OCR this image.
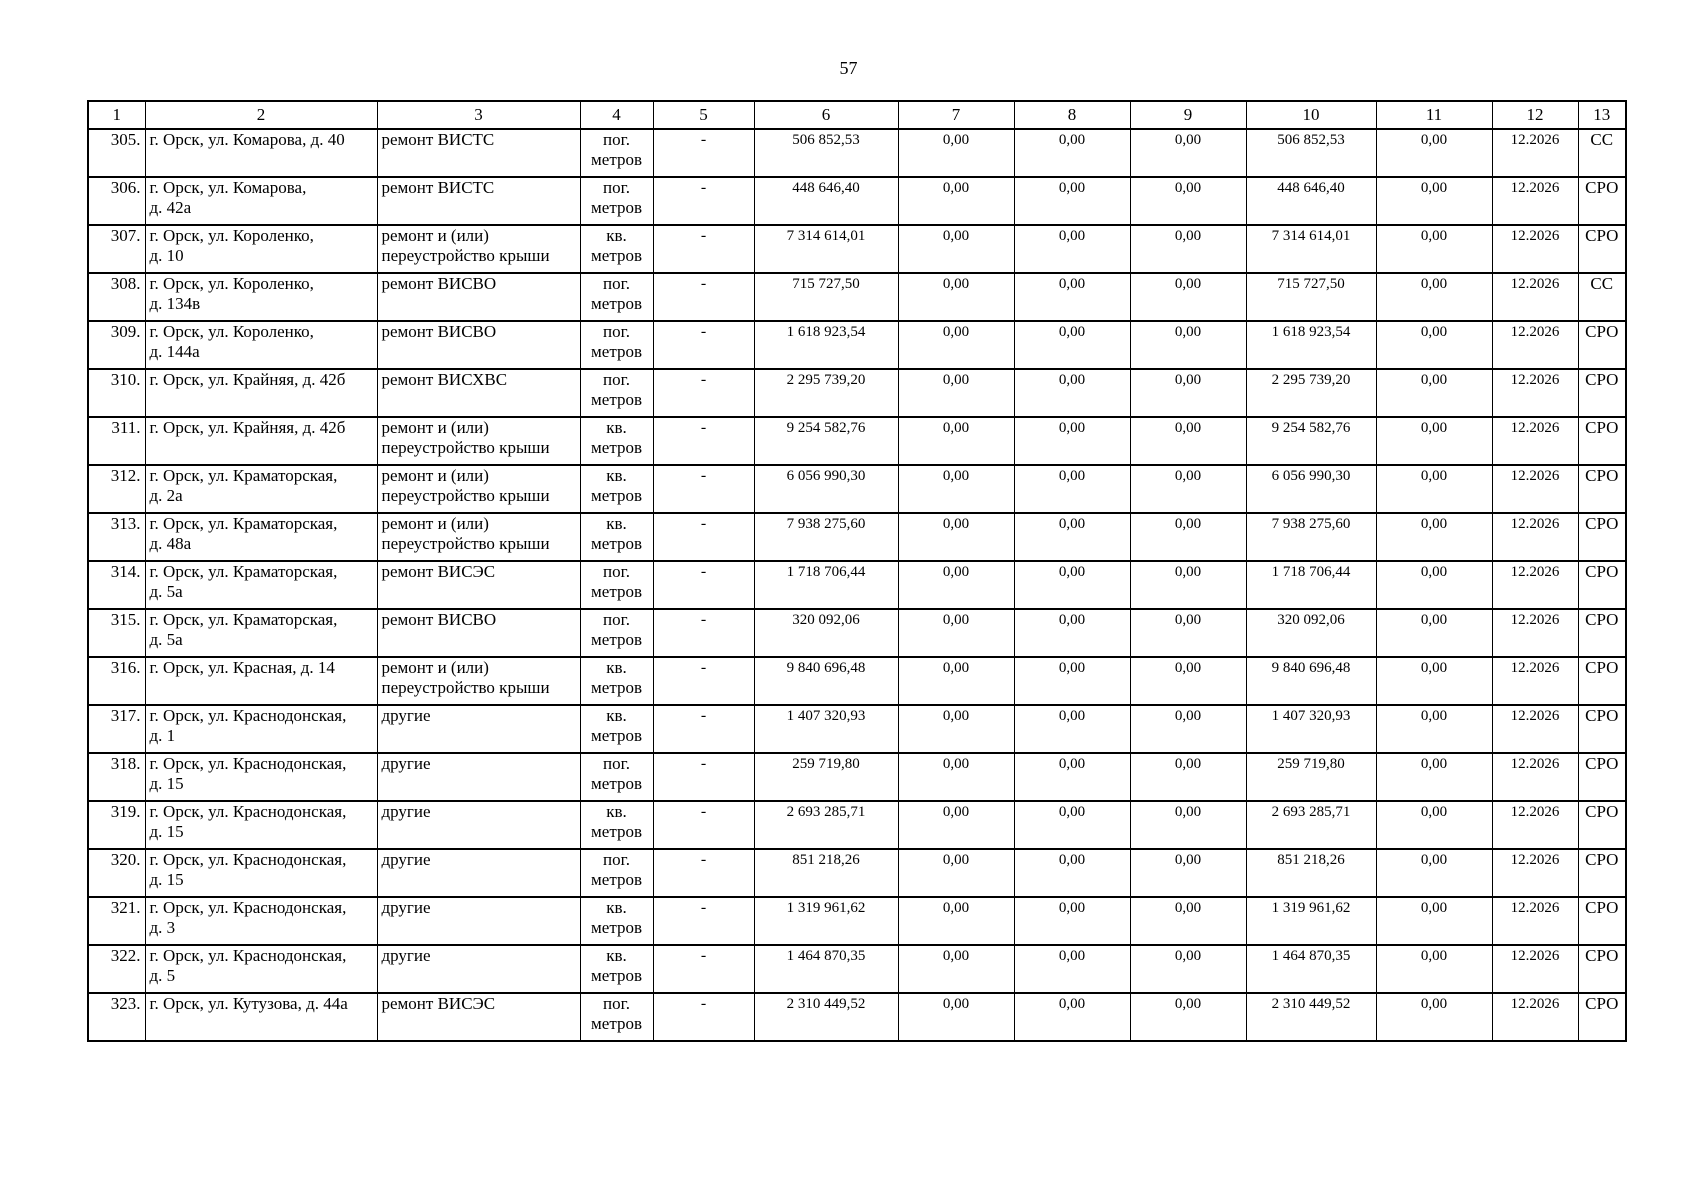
57
1	2	3	4	5	6	7	8	9	10	11	12	13
305.	г. Орск, ул. Комарова, д. 40	ремонт ВИСТС	пог.
метров	-	506 852,53	0,00	0,00	0,00	506 852,53	0,00	12.2026	СС
306.	г. Орск, ул. Комарова,
д. 42а	ремонт ВИСТС	пог.
метров	-	448 646,40	0,00	0,00	0,00	448 646,40	0,00	12.2026	СРО
307.	г. Орск, ул. Короленко,
д. 10	ремонт и (или)
переустройство крыши	кв.
метров	-	7 314 614,01	0,00	0,00	0,00	7 314 614,01	0,00	12.2026	СРО
308.	г. Орск, ул. Короленко,
д. 134в	ремонт ВИСВО	пог.
метров	-	715 727,50	0,00	0,00	0,00	715 727,50	0,00	12.2026	СС
309.	г. Орск, ул. Короленко,
д. 144а	ремонт ВИСВО	пог.
метров	-	1 618 923,54	0,00	0,00	0,00	1 618 923,54	0,00	12.2026	СРО
310.	г. Орск, ул. Крайняя, д. 42б	ремонт ВИСХВС	пог.
метров	-	2 295 739,20	0,00	0,00	0,00	2 295 739,20	0,00	12.2026	СРО
311.	г. Орск, ул. Крайняя, д. 42б	ремонт и (или)
переустройство крыши	кв.
метров	-	9 254 582,76	0,00	0,00	0,00	9 254 582,76	0,00	12.2026	СРО
312.	г. Орск, ул. Краматорская,
д. 2а	ремонт и (или)
переустройство крыши	кв.
метров	-	6 056 990,30	0,00	0,00	0,00	6 056 990,30	0,00	12.2026	СРО
313.	г. Орск, ул. Краматорская,
д. 48а	ремонт и (или)
переустройство крыши	кв.
метров	-	7 938 275,60	0,00	0,00	0,00	7 938 275,60	0,00	12.2026	СРО
314.	г. Орск, ул. Краматорская,
д. 5а	ремонт ВИСЭС	пог.
метров	-	1 718 706,44	0,00	0,00	0,00	1 718 706,44	0,00	12.2026	СРО
315.	г. Орск, ул. Краматорская,
д. 5а	ремонт ВИСВО	пог.
метров	-	320 092,06	0,00	0,00	0,00	320 092,06	0,00	12.2026	СРО
316.	г. Орск, ул. Красная, д. 14	ремонт и (или)
переустройство крыши	кв.
метров	-	9 840 696,48	0,00	0,00	0,00	9 840 696,48	0,00	12.2026	СРО
317.	г. Орск, ул. Краснодонская,
д. 1	другие	кв.
метров	-	1 407 320,93	0,00	0,00	0,00	1 407 320,93	0,00	12.2026	СРО
318.	г. Орск, ул. Краснодонская,
д. 15	другие	пог.
метров	-	259 719,80	0,00	0,00	0,00	259 719,80	0,00	12.2026	СРО
319.	г. Орск, ул. Краснодонская,
д. 15	другие	кв.
метров	-	2 693 285,71	0,00	0,00	0,00	2 693 285,71	0,00	12.2026	СРО
320.	г. Орск, ул. Краснодонская,
д. 15	другие	пог.
метров	-	851 218,26	0,00	0,00	0,00	851 218,26	0,00	12.2026	СРО
321.	г. Орск, ул. Краснодонская,
д. 3	другие	кв.
метров	-	1 319 961,62	0,00	0,00	0,00	1 319 961,62	0,00	12.2026	СРО
322.	г. Орск, ул. Краснодонская,
д. 5	другие	кв.
метров	-	1 464 870,35	0,00	0,00	0,00	1 464 870,35	0,00	12.2026	СРО
323.	г. Орск, ул. Кутузова, д. 44а	ремонт ВИСЭС	пог.
метров	-	2 310 449,52	0,00	0,00	0,00	2 310 449,52	0,00	12.2026	СРО
